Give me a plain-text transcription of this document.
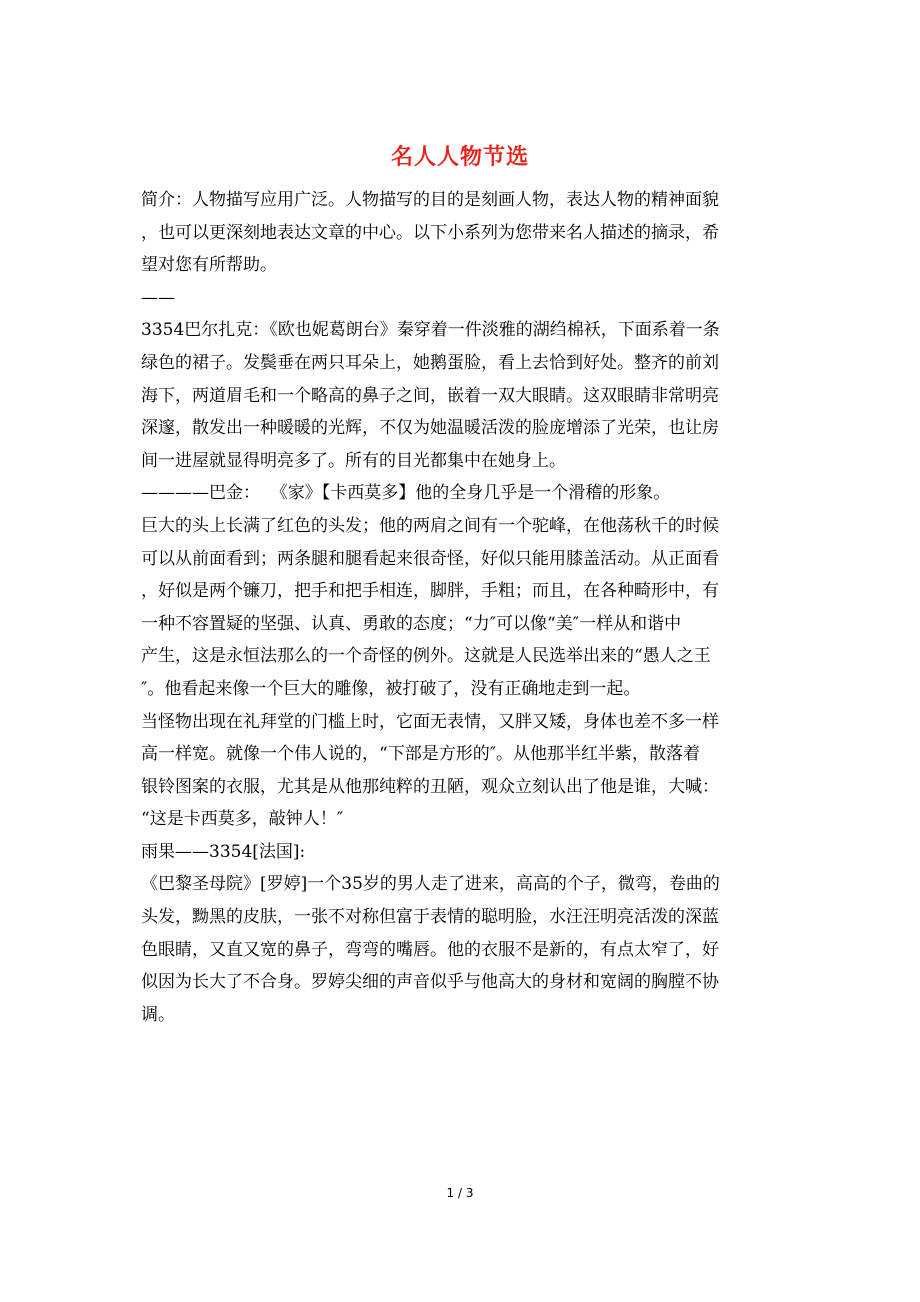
名人人物节选
简介：人物描写应用广泛。人物描写的目的是刻画人物，表达人物的精神面貌
，也可以更深刻地表达文章的中心。以下小系列为您带来名人描述的摘录，希
望对您有所帮助。
——
3354巴尔扎克：《欧也妮葛朗台》秦穿着一件淡雅的湖绉棉袄，下面系着一条
绿色的裙子。发鬓垂在两只耳朵上，她鹅蛋脸，看上去恰到好处。整齐的前刘
海下，两道眉毛和一个略高的鼻子之间，嵌着一双大眼睛。这双眼睛非常明亮
深邃，散发出一种暖暖的光辉，不仅为她温暖活泼的脸庞增添了光荣，也让房
间一进屋就显得明亮多了。所有的目光都集中在她身上。
————巴金：  《家》【卡西莫多】他的全身几乎是一个滑稽的形象。
巨大的头上长满了红色的头发；他的两肩之间有一个驼峰，在他荡秋千的时候
可以从前面看到；两条腿和腿看起来很奇怪，好似只能用膝盖活动。从正面看
，好似是两个镰刀，把手和把手相连，脚胖，手粗；而且，在各种畸形中，有
一种不容置疑的坚强、认真、勇敢的态度；“力″可以像“美″一样从和谐中
产生，这是永恒法那么的一个奇怪的例外。这就是人民选举出来的“愚人之王
″。他看起来像一个巨大的雕像，被打破了，没有正确地走到一起。
当怪物出现在礼拜堂的门槛上时，它面无表情，又胖又矮，身体也差不多一样
高一样宽。就像一个伟人说的，“下部是方形的″。从他那半红半紫，散落着
银铃图案的衣服，尤其是从他那纯粹的丑陋，观众立刻认出了他是谁，大喊：
“这是卡西莫多，敲钟人！″
雨果——3354[法国]:
《巴黎圣母院》[罗婷]一个35岁的男人走了进来，高高的个子，微弯，卷曲的
头发，黝黑的皮肤，一张不对称但富于表情的聪明脸，水汪汪明亮活泼的深蓝
色眼睛，又直又宽的鼻子，弯弯的嘴唇。他的衣服不是新的，有点太窄了，好
似因为长大了不合身。罗婷尖细的声音似乎与他高大的身材和宽阔的胸膛不协
调。
1 / 3
